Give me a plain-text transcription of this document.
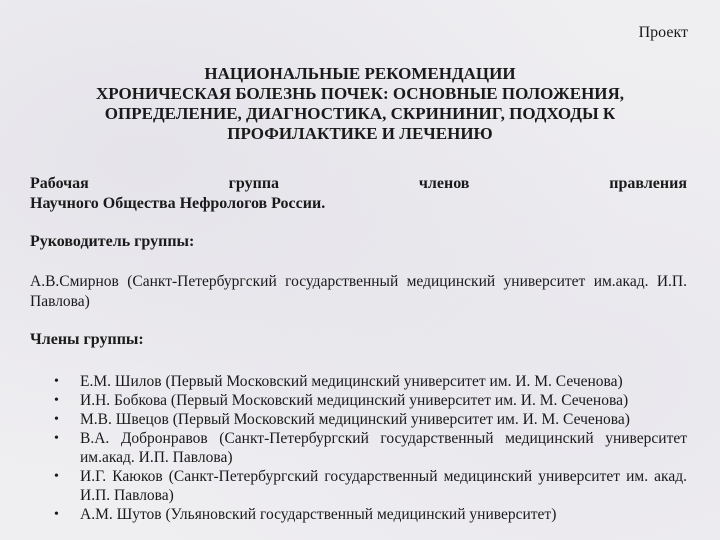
Проект
НАЦИОНАЛЬНЫЕ РЕКОМЕНДАЦИИ
ХРОНИЧЕСКАЯ БОЛЕЗНЬ ПОЧЕК: ОСНОВНЫЕ ПОЛОЖЕНИЯ,
ОПРЕДЕЛЕНИЕ, ДИАГНОСТИКА, СКРИНИНИГ, ПОДХОДЫ К
ПРОФИЛАКТИКЕ И ЛЕЧЕНИЮ
Рабочая	группа	членов	правления
Научного Общества Нефрологов России.
Руководитель группы:
А.В.Смирнов (Санкт-Петербургский государственный медицинский университет им.акад. И.П. Павлова)
Члены группы:
• Е.М. Шилов (Первый Московский медицинский университет им. И. М. Сеченова)
• И.Н. Бобкова (Первый Московский медицинский университет им. И. М. Сеченова)
• М.В. Швецов (Первый Московский медицинский университет им. И. М. Сеченова)
• В.А. Добронравов (Санкт-Петербургский государственный медицинский университет им.акад. И.П. Павлова)
• И.Г. Каюков (Санкт-Петербургский государственный медицинский университет им. акад. И.П. Павлова)
• А.М. Шутов (Ульяновский государственный медицинский университет)
